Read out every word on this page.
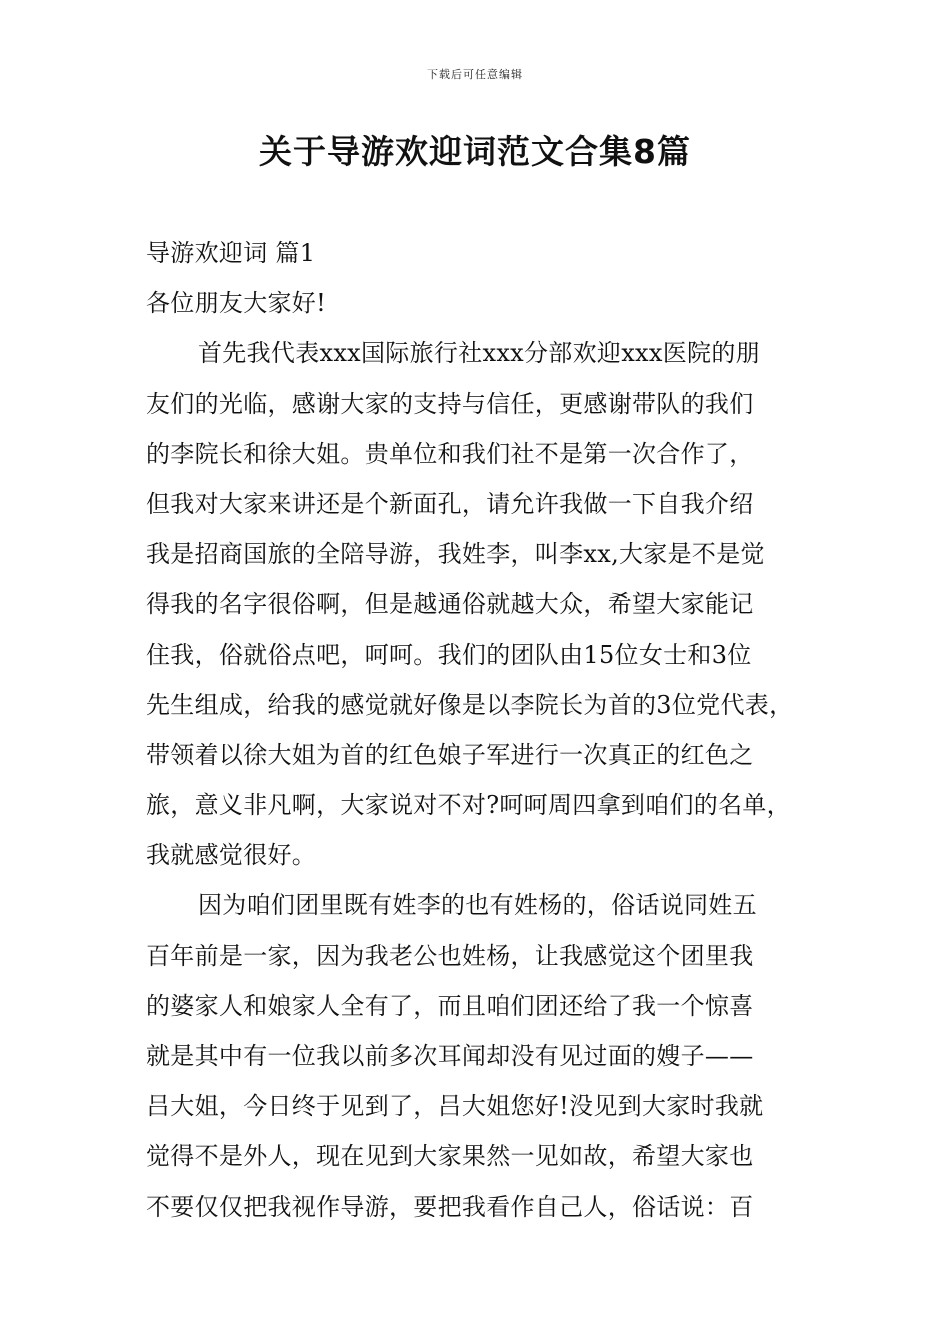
下载后可任意编辑
关于导游欢迎词范文合集8篇
导游欢迎词 篇1
各位朋友大家好!
首先我代表xxx国际旅行社xxx分部欢迎xxx医院的朋
友们的光临，感谢大家的支持与信任，更感谢带队的我们
的李院长和徐大姐。贵单位和我们社不是第一次合作了，
但我对大家来讲还是个新面孔，请允许我做一下自我介绍
我是招商国旅的全陪导游，我姓李，叫李xx,大家是不是觉
得我的名字很俗啊，但是越通俗就越大众，希望大家能记
住我，俗就俗点吧，呵呵。我们的团队由15位女士和3位
先生组成，给我的感觉就好像是以李院长为首的3位党代表，
带领着以徐大姐为首的红色娘子军进行一次真正的红色之
旅，意义非凡啊，大家说对不对?呵呵周四拿到咱们的名单，
我就感觉很好。
因为咱们团里既有姓李的也有姓杨的，俗话说同姓五
百年前是一家，因为我老公也姓杨，让我感觉这个团里我
的婆家人和娘家人全有了，而且咱们团还给了我一个惊喜
就是其中有一位我以前多次耳闻却没有见过面的嫂子——
吕大姐，今日终于见到了，吕大姐您好!没见到大家时我就
觉得不是外人，现在见到大家果然一见如故，希望大家也
不要仅仅把我视作导游，要把我看作自己人，俗话说：百
